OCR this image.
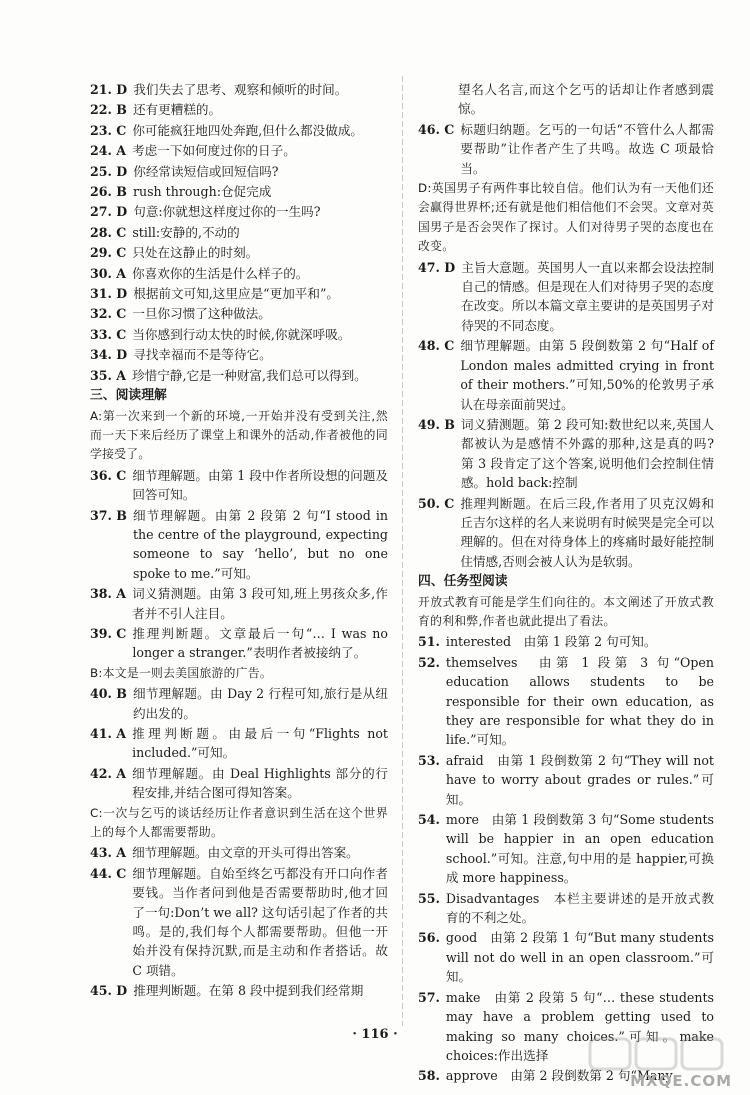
21. D 我们失去了思考、观察和倾听的时间。
22. B 还有更糟糕的。
23. C 你可能疯狂地四处奔跑,但什么都没做成。
24. A 考虑一下如何度过你的日子。
25. D 你经常读短信或回短信吗?
26. B rush through:仓促完成
27. D 句意:你就想这样度过你的一生吗?
28. C still:安静的,不动的
29. C 只处在这静止的时刻。
30. A 你喜欢你的生活是什么样子的。
31. D 根据前文可知,这里应是“更加平和”。
32. C 一旦你习惯了这种做法。
33. C 当你感到行动太快的时候,你就深呼吸。
34. D 寻找幸福而不是等待它。
35. A 珍惜宁静,它是一种财富,我们总可以得到。
三、阅读理解
A:第一次来到一个新的环境,一开始并没有受到关注,然而一天下来后经历了课堂上和课外的活动,作者被他的同学接受了。
36. C 细节理解题。由第 1 段中作者所设想的问题及回答可知。
37. B 细节理解题。由第 2 段第 2 句“I stood in the centre of the playground, expecting someone to say ‘hello’, but no one spoke to me.”可知。
38. A 词义猜测题。由第 3 段可知,班上男孩众多,作者并不引人注目。
39. C 推理判断题。文章最后一句“… I was no longer a stranger.”表明作者被接纳了。
B:本文是一则去美国旅游的广告。
40. B 细节理解题。由 Day 2 行程可知,旅行是从纽约出发的。
41. A 推理判断题。由最后一句“Flights not included.”可知。
42. A 细节理解题。由 Deal Highlights 部分的行程安排,并结合图可得知答案。
C:一次与乞丐的谈话经历让作者意识到生活在这个世界上的每个人都需要帮助。
43. A 细节理解题。由文章的开头可得出答案。
44. C 细节理解题。自始至终乞丐都没有开口向作者要钱。当作者问到他是否需要帮助时,他才回了一句:Don’t we all? 这句话引起了作者的共鸣。是的,我们每个人都需要帮助。但他一开始并没有保持沉默,而是主动和作者搭话。故 C 项错。
45. D 推理判断题。在第 8 段中提到我们经常期
望名人名言,而这个乞丐的话却让作者感到震惊。
46. C 标题归纳题。乞丐的一句话“不管什么人都需要帮助”让作者产生了共鸣。故选 C 项最恰当。
D:英国男子有两件事比较自信。他们认为有一天他们还会赢得世界杯;还有就是他们相信他们不会哭。文章对英国男子是否会哭作了探讨。人们对待男子哭的态度也在改变。
47. D 主旨大意题。英国男人一直以来都会设法控制自己的情感。但是现在人们对待男子哭的态度在改变。所以本篇文章主要讲的是英国男子对待哭的不同态度。
48. C 细节理解题。由第 5 段倒数第 2 句“Half of London males admitted crying in front of their mothers.”可知,50%的伦敦男子承认在母亲面前哭过。
49. B 词义猜测题。第 2 段可知:数世纪以来,英国人都被认为是感情不外露的那种,这是真的吗? 第 3 段肯定了这个答案,说明他们会控制住情感。hold back:控制
50. C 推理判断题。在后三段,作者用了贝克汉姆和丘吉尔这样的名人来说明有时候哭是完全可以理解的。但在对待身体上的疼痛时最好能控制住情感,否则会被人认为是软弱。
四、任务型阅读
开放式教育可能是学生们向往的。本文阐述了开放式教育的利和弊,作者也就此提出了看法。
51. interested　由第 1 段第 2 句可知。
52. themselves　由第 1 段第 3 句“Open education allows students to be responsible for their own education, as they are responsible for what they do in life.”可知。
53. afraid　由第 1 段倒数第 2 句“They will not have to worry about grades or rules.”可知。
54. more　由第 1 段倒数第 3 句“Some students will be happier in an open education school.”可知。注意,句中用的是 happier,可换成 more happiness。
55. Disadvantages　本栏主要讲述的是开放式教育的不利之处。
56. good　由第 2 段第 1 句“But many students will not do well in an open classroom.”可知。
57. make　由第 2 段第 5 句“… these students may have a problem getting used to making so many choices.”可知。make choices:作出选择
58. approve　由第 2 段倒数第 2 句“Many
· 116 ·
MXQE.COM
